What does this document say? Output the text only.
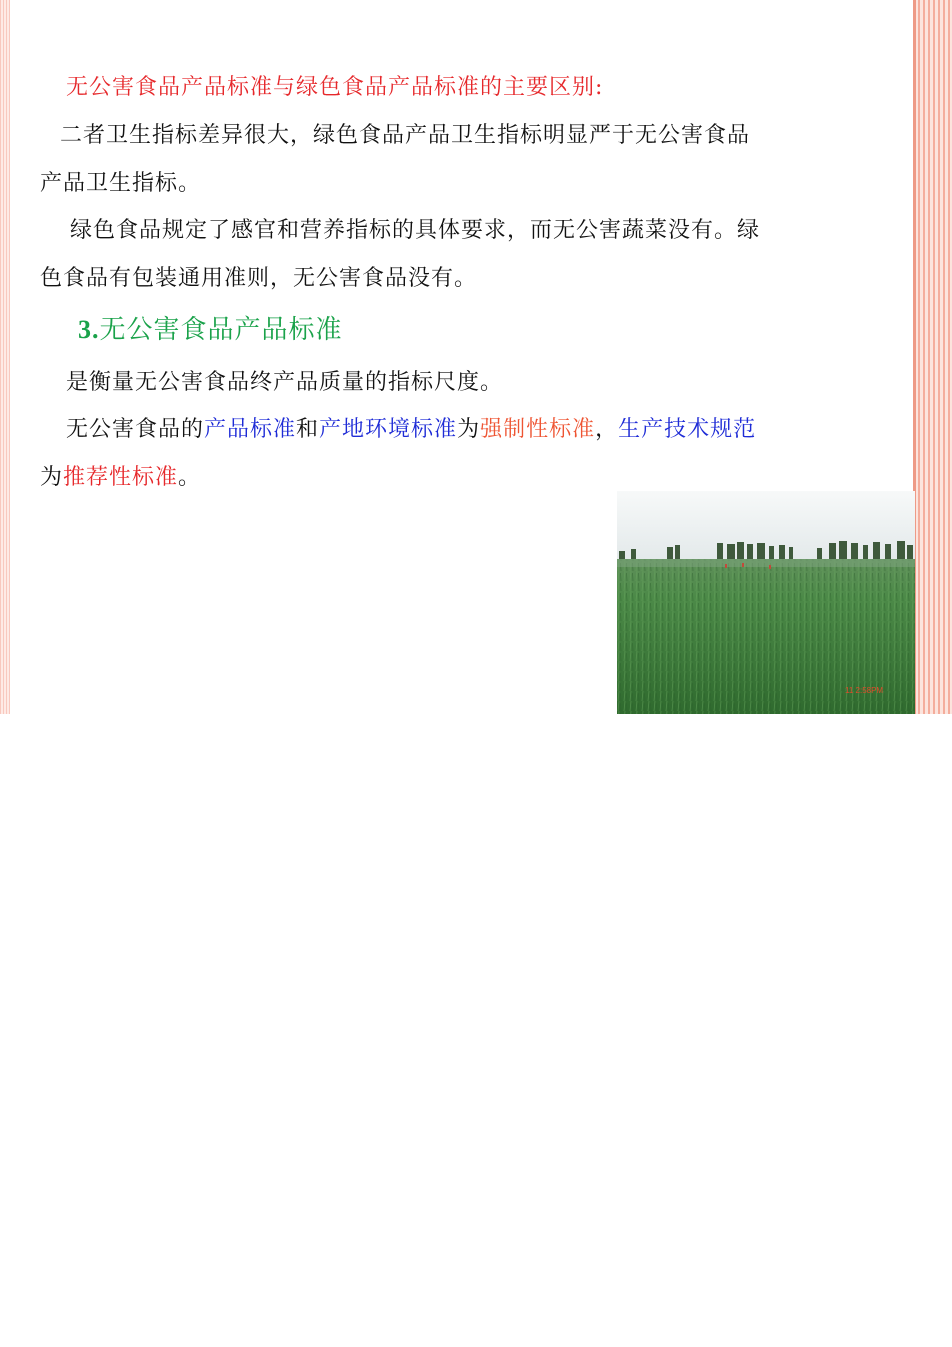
无公害食品产品标准与绿色食品产品标准的主要区别:
二者卫生指标差异很大，绿色食品产品卫生指标明显严于无公害食品
产品卫生指标。
绿色食品规定了感官和营养指标的具体要求，而无公害蔬菜没有。绿
色食品有包装通用准则，无公害食品没有。
3.无公害食品产品标准
是衡量无公害食品终产品质量的指标尺度。
无公害食品的产品标准和产地环境标准为强制性标准，生产技术规范
为推荐性标准。
11 2:58PM
